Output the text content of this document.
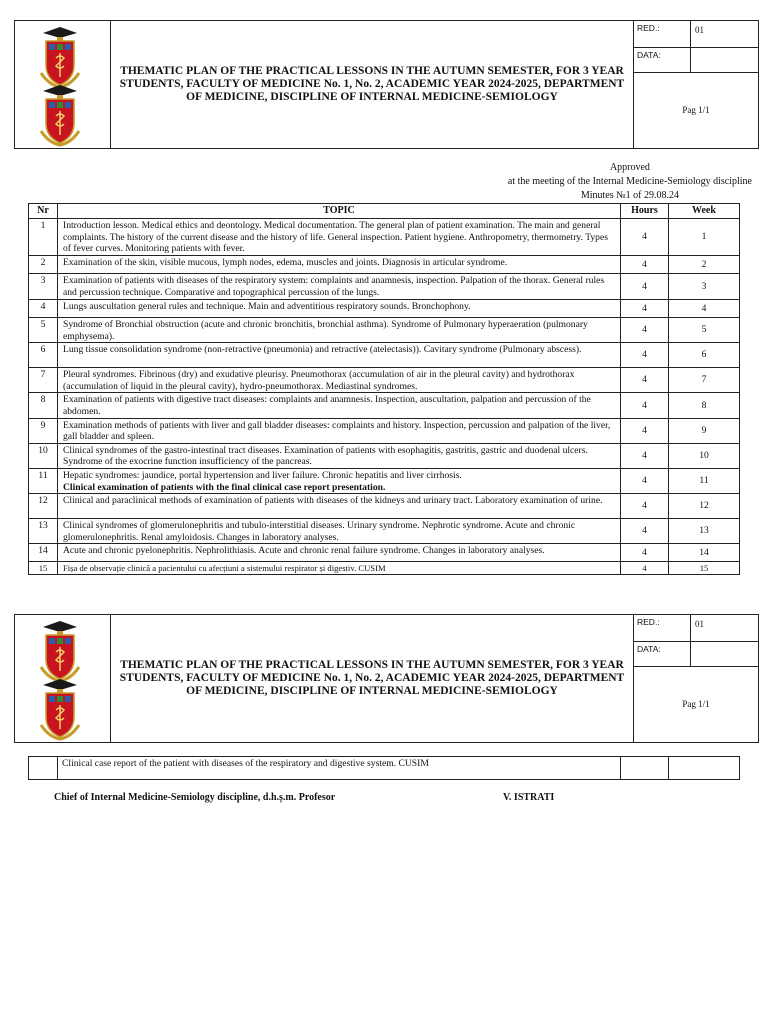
THEMATIC PLAN OF THE PRACTICAL LESSONS IN THE AUTUMN SEMESTER, FOR 3 YEAR STUDENTS, FACULTY OF MEDICINE No. 1, No. 2, ACADEMIC YEAR 2024-2025, DEPARTMENT OF MEDICINE, DISCIPLINE OF INTERNAL MEDICINE-SEMIOLOGY
RED.:	01
DATA:
Pag 1/1
Approved
at the meeting of the Internal Medicine-Semiology discipline
Minutes №1 of 29.08.24
Nr	TOPIC	Hours	Week
1	Introduction lesson. Medical ethics and deontology. Medical documentation. The general plan of patient examination. The main and general complaints. The history of the current disease and the history of life. General inspection. Patient hygiene. Anthropometry, thermometry. Types of fever curves. Monitoring patients with fever.	4	1
2	Examination of the skin, visible mucous, lymph nodes, edema, muscles and joints. Diagnosis in articular syndrome.	4	2
3	Examination of patients with diseases of the respiratory system: complaints and anamnesis, inspection. Palpation of the thorax. General rules and percussion technique. Comparative and topographical percussion of the lungs.	4	3
4	Lungs auscultation general rules and technique. Main and adventitious respiratory sounds. Bronchophony.	4	4
5	Syndrome of Bronchial obstruction (acute and chronic bronchitis, bronchial asthma). Syndrome of Pulmonary hyperaeration (pulmonary emphysema).	4	5
6	Lung tissue consolidation syndrome (non-retractive (pneumonia) and retractive (atelectasis)). Cavitary syndrome (Pulmonary abscess).	4	6
7	Pleural syndromes. Fibrinous (dry) and exudative pleurisy. Pneumothorax (accumulation of air in the pleural cavity) and hydrothorax (accumulation of liquid in the pleural cavity), hydro-pneumothorax. Mediastinal syndromes.	4	7
8	Examination of patients with digestive tract diseases: complaints and anamnesis. Inspection, auscultation, palpation and percussion of the abdomen.	4	8
9	Examination methods of patients with liver and gall bladder diseases: complaints and history. Inspection, percussion and palpation of the liver, gall bladder and spleen.	4	9
10	Clinical syndromes of the gastro-intestinal tract diseases. Examination of patients with esophagitis, gastritis, gastric and duodenal ulcers. Syndrome of the exocrine function insufficiency of the pancreas.	4	10
11	Hepatic syndromes: jaundice, portal hypertension and liver failure. Chronic hepatitis and liver cirrhosis.
Clinical examination of patients with the final clinical case report presentation.	4	11
12	Clinical and paraclinical methods of examination of patients with diseases of the kidneys and urinary tract. Laboratory examination of urine.	4	12
13	Clinical syndromes of glomerulonephritis and tubulo-interstitial diseases. Urinary syndrome. Nephrotic syndrome. Acute and chronic glomerulonephritis. Renal amyloidosis. Changes in laboratory analyses.	4	13
14	Acute and chronic pyelonephritis. Nephrolithiasis. Acute and chronic renal failure syndrome. Changes in laboratory analyses.	4	14
15	Fișa de observație clinică a pacientului cu afecțiuni a sistemului respirator și digestiv. CUSIM	4	15
THEMATIC PLAN OF THE PRACTICAL LESSONS IN THE AUTUMN SEMESTER, FOR 3 YEAR STUDENTS, FACULTY OF MEDICINE No. 1, No. 2, ACADEMIC YEAR 2024-2025, DEPARTMENT OF MEDICINE, DISCIPLINE OF INTERNAL MEDICINE-SEMIOLOGY
RED.:	01
DATA:
Pag 1/1
	Clinical case report of the patient with diseases of the respiratory and digestive system. CUSIM		
Chief of Internal Medicine-Semiology discipline, d.h.ș.m. Profesor	V. ISTRATI
